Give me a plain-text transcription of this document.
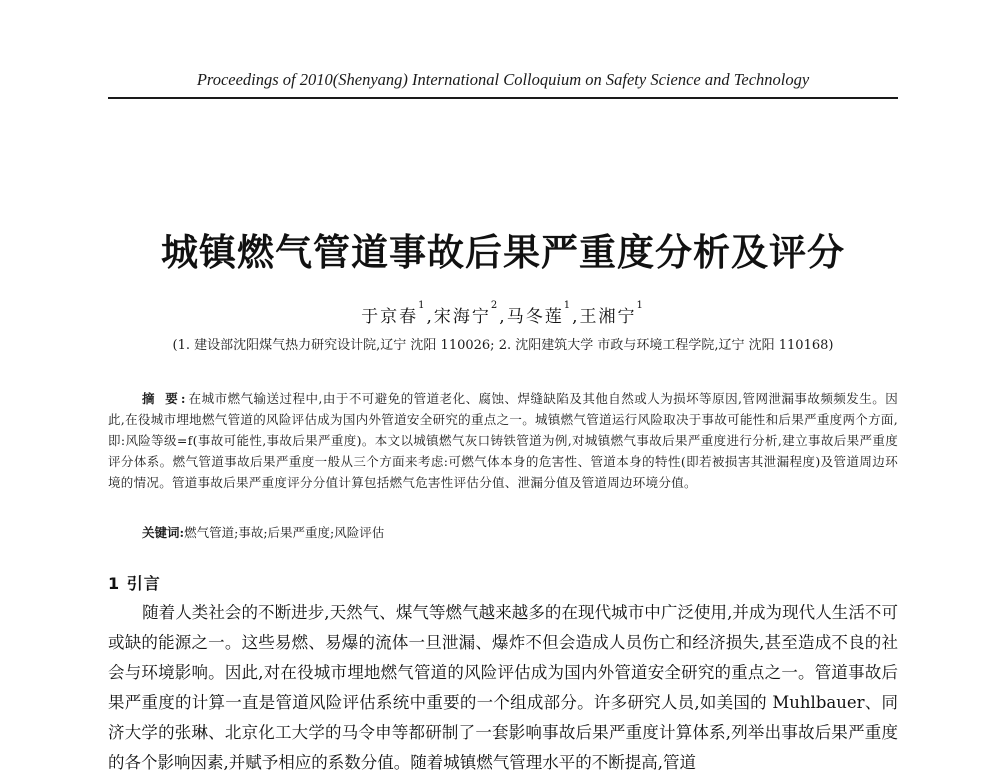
Proceedings of 2010(Shenyang) International Colloquium on Safety Science and Technology
城镇燃气管道事故后果严重度分析及评分
于京春$^1$,宋海宁$^2$,马冬莲$^1$,王湘宁$^1$
(1. 建设部沈阳煤气热力研究设计院,辽宁 沈阳 110026; 2. 沈阳建筑大学 市政与环境工程学院,辽宁 沈阳 110168)
摘 要:在城市燃气输送过程中,由于不可避免的管道老化、腐蚀、焊缝缺陷及其他自然或人为损坏等原因,管网泄漏事故频频发生。因此,在役城市埋地燃气管道的风险评估成为国内外管道安全研究的重点之一。城镇燃气管道运行风险取决于事故可能性和后果严重度两个方面,即:风险等级=f(事故可能性,事故后果严重度)。本文以城镇燃气灰口铸铁管道为例,对城镇燃气事故后果严重度进行分析,建立事故后果严重度评分体系。燃气管道事故后果严重度一般从三个方面来考虑:可燃气体本身的危害性、管道本身的特性(即若被损害其泄漏程度)及管道周边环境的情况。管道事故后果严重度评分分值计算包括燃气危害性评估分值、泄漏分值及管道周边环境分值。
关键词:燃气管道;事故;后果严重度;风险评估
1 引言
随着人类社会的不断进步,天然气、煤气等燃气越来越多的在现代城市中广泛使用,并成为现代人生活不可或缺的能源之一。这些易燃、易爆的流体一旦泄漏、爆炸不但会造成人员伤亡和经济损失,甚至造成不良的社会与环境影响。因此,对在役城市埋地燃气管道的风险评估成为国内外管道安全研究的重点之一。管道事故后果严重度的计算一直是管道风险评估系统中重要的一个组成部分。许多研究人员,如美国的 Muhlbauer、同济大学的张琳、北京化工大学的马令申等都研制了一套影响事故后果严重度计算体系,列举出事故后果严重度的各个影响因素,并赋予相应的系数分值。随着城镇燃气管理水平的不断提高,管道
